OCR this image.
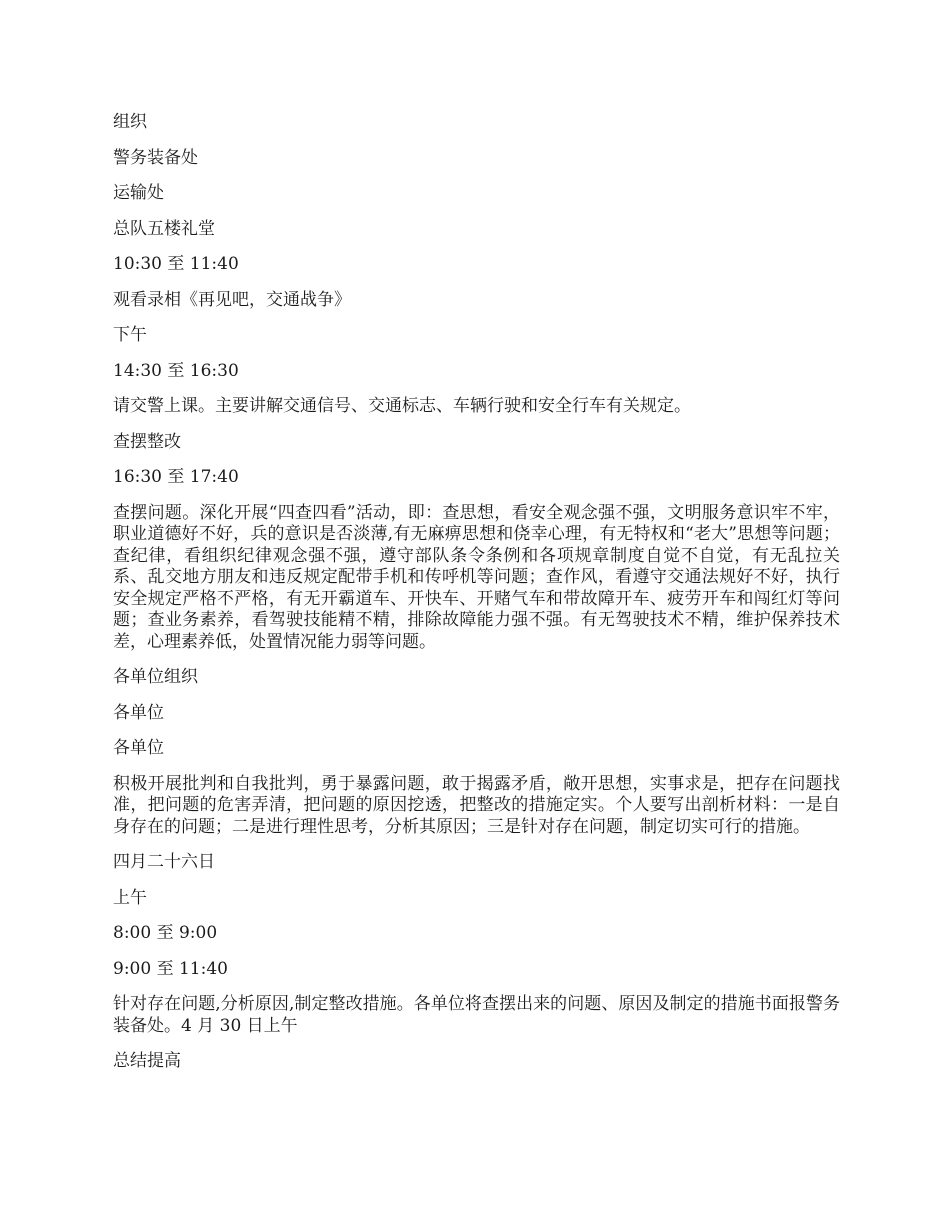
组织

警务装备处

运输处

总队五楼礼堂

10:30 至 11:40

观看录相《再见吧，交通战争》

下午

14:30 至 16:30

请交警上课。主要讲解交通信号、交通标志、车辆行驶和安全行车有关规定。

查摆整改

16:30 至 17:40

查摆问题。深化开展“四查四看”活动，即：查思想，看安全观念强不强，文明服务意识牢不牢，职业道德好不好，兵的意识是否淡薄,有无麻痹思想和侥幸心理，有无特权和“老大”思想等问题；查纪律，看组织纪律观念强不强，遵守部队条令条例和各项规章制度自觉不自觉，有无乱拉关系、乱交地方朋友和违反规定配带手机和传呼机等问题；查作风，看遵守交通法规好不好，执行安全规定严格不严格，有无开霸道车、开快车、开赌气车和带故障开车、疲劳开车和闯红灯等问题；查业务素养，看驾驶技能精不精，排除故障能力强不强。有无驾驶技术不精，维护保养技术差，心理素养低，处置情况能力弱等问题。

各单位组织

各单位

各单位

积极开展批判和自我批判，勇于暴露问题，敢于揭露矛盾，敞开思想，实事求是，把存在问题找准，把问题的危害弄清，把问题的原因挖透，把整改的措施定实。个人要写出剖析材料：一是自身存在的问题；二是进行理性思考，分析其原因；三是针对存在问题，制定切实可行的措施。

四月二十六日

上午

8:00 至 9:00

9:00 至 11:40

针对存在问题,分析原因,制定整改措施。各单位将查摆出来的问题、原因及制定的措施书面报警务装备处。4 月 30 日上午

总结提高
